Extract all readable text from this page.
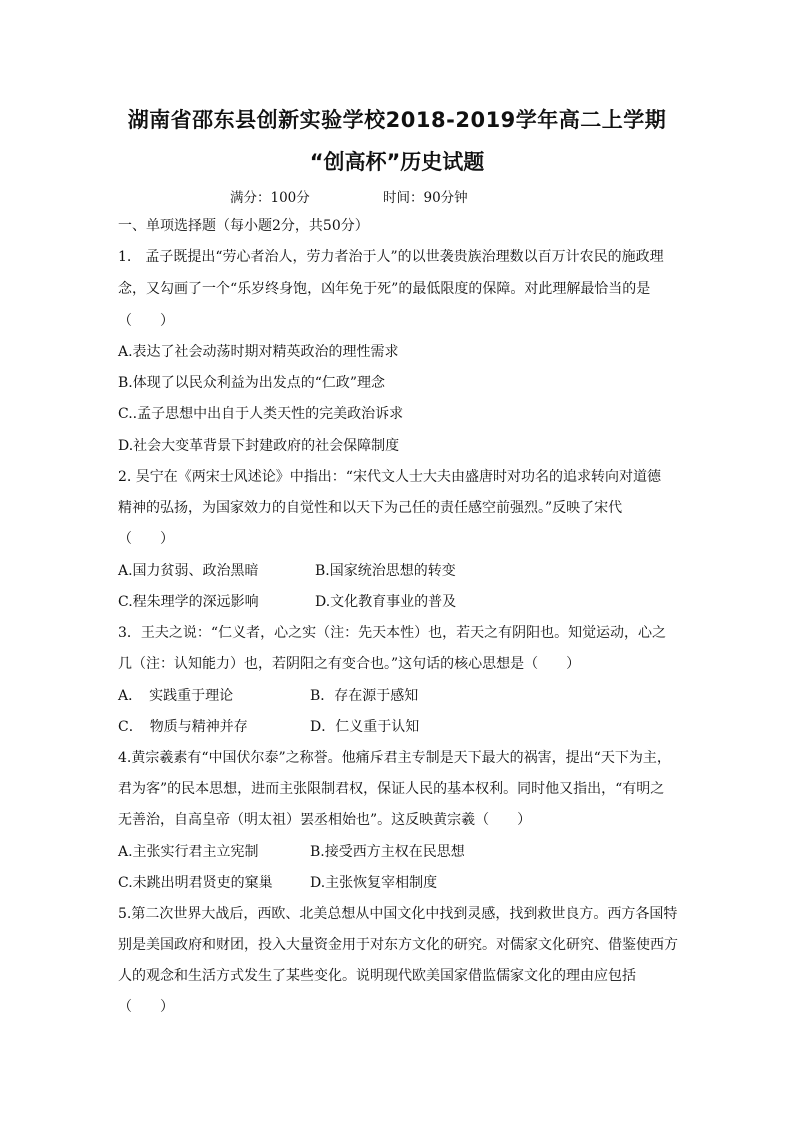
湖南省邵东县创新实验学校2018-2019学年高二上学期
“创高杯”历史试题
满分：100分	时间：90分钟
一、单项选择题（每小题2分，共50分）
1.　孟子既提出“劳心者治人，劳力者治于人”的以世袭贵族治理数以百万计农民的施政理
念，又勾画了一个“乐岁终身饱，凶年免于死”的最低限度的保障。对此理解最恰当的是
（　　）
A.表达了社会动荡时期对精英政治的理性需求
B.体现了以民众利益为出发点的“仁政”理念
C..孟子思想中出自于人类天性的完美政治诉求
D.社会大变革背景下封建政府的社会保障制度
2. 吴宁在《两宋士风述论》中指出：“宋代文人士大夫由盛唐时对功名的追求转向对道德
精神的弘扬，为国家效力的自觉性和以天下为己任的责任感空前强烈。”反映了宋代
（　　）
A.国力贫弱、政治黑暗	B.国家统治思想的转变
C.程朱理学的深远影响	D.文化教育事业的普及
3．王夫之说：“仁义者，心之实（注：先天本性）也，若天之有阴阳也。知觉运动，心之
几（注：认知能力）也，若阴阳之有变合也。”这句话的核心思想是（　　）
A．　实践重于理论	B．存在源于感知
C．　物质与精神并存	D．仁义重于认知
4.黄宗羲素有“中国伏尔泰”之称誉。他痛斥君主专制是天下最大的祸害，提出“天下为主，
君为客”的民本思想，进而主张限制君权，保证人民的基本权利。同时他又指出，“有明之
无善治，自高皇帝（明太祖）罢丞相始也”。这反映黄宗羲（　　）
A.主张实行君主立宪制	B.接受西方主权在民思想
C.未跳出明君贤吏的窠巢	D.主张恢复宰相制度
5.第二次世界大战后，西欧、北美总想从中国文化中找到灵感，找到救世良方。西方各国特
别是美国政府和财团，投入大量资金用于对东方文化的研究。对儒家文化研究、借鉴使西方
人的观念和生活方式发生了某些变化。说明现代欧美国家借监儒家文化的理由应包括
（　　）
